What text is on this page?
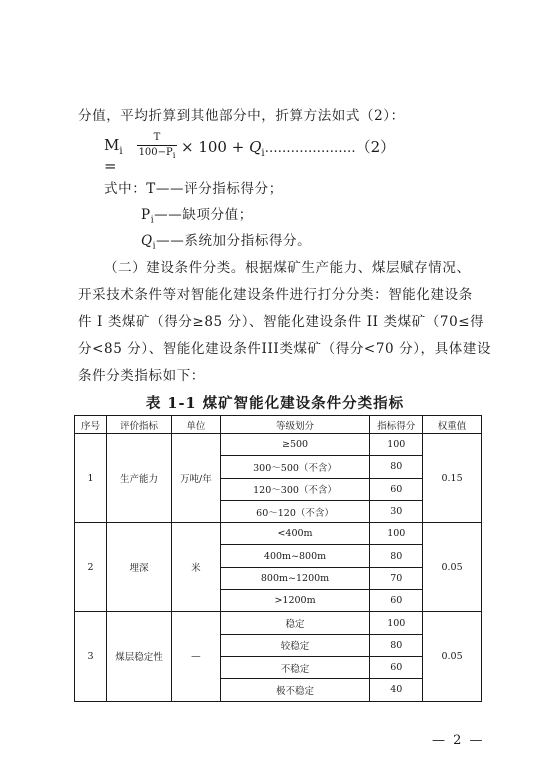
分值，平均折算到其他部分中，折算方法如式（2）：
$M_i$ =
T
$100-P_i \times 100$ + $Q_i\dots\dots\dots\dots\dots\dots\dots(2)$
式中：T——评分指标得分；
$P_i——$缺项分值；
$Q_i——$系统加分指标得分。
（二）建设条件分类。根据煤矿生产能力、煤层赋存情况、
开采技术条件等对智能化建设条件进行打分分类：智能化建设条
件 I 类煤矿（得分≥85 分）、智能化建设条件 II 类煤矿（70≤得
分<85 分）、智能化建设条件III类煤矿（得分<70 分），具体建设
条件分类指标如下：
表 1-1 煤矿智能化建设条件分类指标
序号	评价指标	单位	等级划分	指标得分	权重值
1	生产能力	万吨/年	≥500	100	0.15
			300～500（不含）	80	
			120～300（不含）	60	
			60～120（不含）	30	
2	埋深	米	<400m	100	0.05
			400m~800m	80	
			800m~1200m	70	
			>1200m	60	
3	煤层稳定性	—	稳定	100	0.05
			较稳定	80	
			不稳定	60	
			极不稳定	40	
— 2 —
